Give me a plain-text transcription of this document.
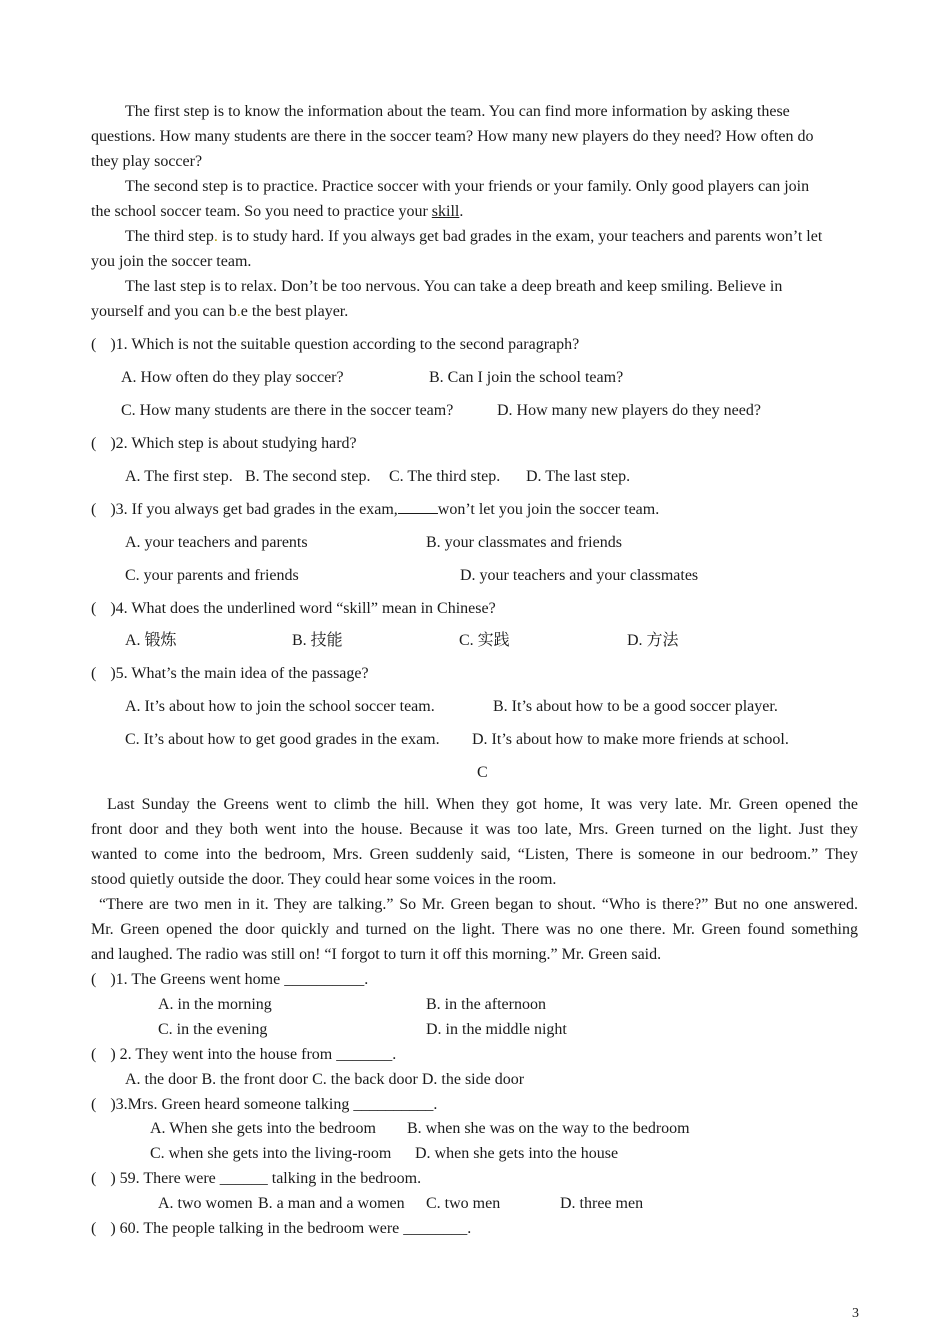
The first step is to know the information about the team. You can find more information by asking these
questions. How many students are there in the soccer team? How many new players do they need? How often do
they play soccer?
The second step is to practice. Practice soccer with your friends or your family. Only good players can join
the school soccer team. So you need to practice your skill.
The third step. is to study hard. If you always get bad grades in the exam, your teachers and parents won’t let
you join the soccer team.
The last step is to relax. Don’t be too nervous. You can take a deep breath and keep smiling. Believe in
yourself and you can b.e the best player.
( )1. Which is not the suitable question according to the second paragraph?
A. How often do they play soccer?	B. Can I join the school team?
C. How many students are there in the soccer team?	D. How many new players do they need?
( )2. Which step is about studying hard?
A. The first step. B. The second step. C. The third step. D. The last step.
( )3. If you always get bad grades in the exam,	won’t let you join the soccer team.
A. your teachers and parents	B. your classmates and friends
C. your parents and friends	D. your teachers and your classmates
( )4. What does the underlined word “skill” mean in Chinese?
A. 锻炼	B. 技能	C. 实践	D. 方法
( )5. What’s the main idea of the passage?
A. It’s about how to join the school soccer team.	B. It’s about how to be a good soccer player.
C. It’s about how to get good grades in the exam. D. It’s about how to make more friends at school.
C
Last Sunday the Greens went to climb the hill. When they got home, It was very late. Mr. Green opened the
front door and they both went into the house. Because it was too late, Mrs. Green turned on the light. Just they
wanted to come into the bedroom, Mrs. Green suddenly said, “Listen, There is someone in our bedroom.” They
stood quietly outside the door. They could hear some voices in the room.
“There are two men in it. They are talking.” So Mr. Green began to shout. “Who is there?” But no one answered.
Mr. Green opened the door quickly and turned on the light. There was no one there. Mr. Green found something
and laughed. The radio was still on! “I forgot to turn it off this morning.” Mr. Green said.
( )1. The Greens went home __________.
A. in the morning	B. in the afternoon
C. in the evening	D. in the middle night
( ) 2. They went into the house from _______.
A. the door B. the front door C. the back door D. the side door
( )3.Mrs. Green heard someone talking __________.
A. When she gets into the bedroom B. when she was on the way to the bedroom
C. when she gets into the living-room D. when she gets into the house
( ) 59. There were ______ talking in the bedroom.
A. two women B. a man and a women C. two men	D. three men
( ) 60. The people talking in the bedroom were ________.
3
